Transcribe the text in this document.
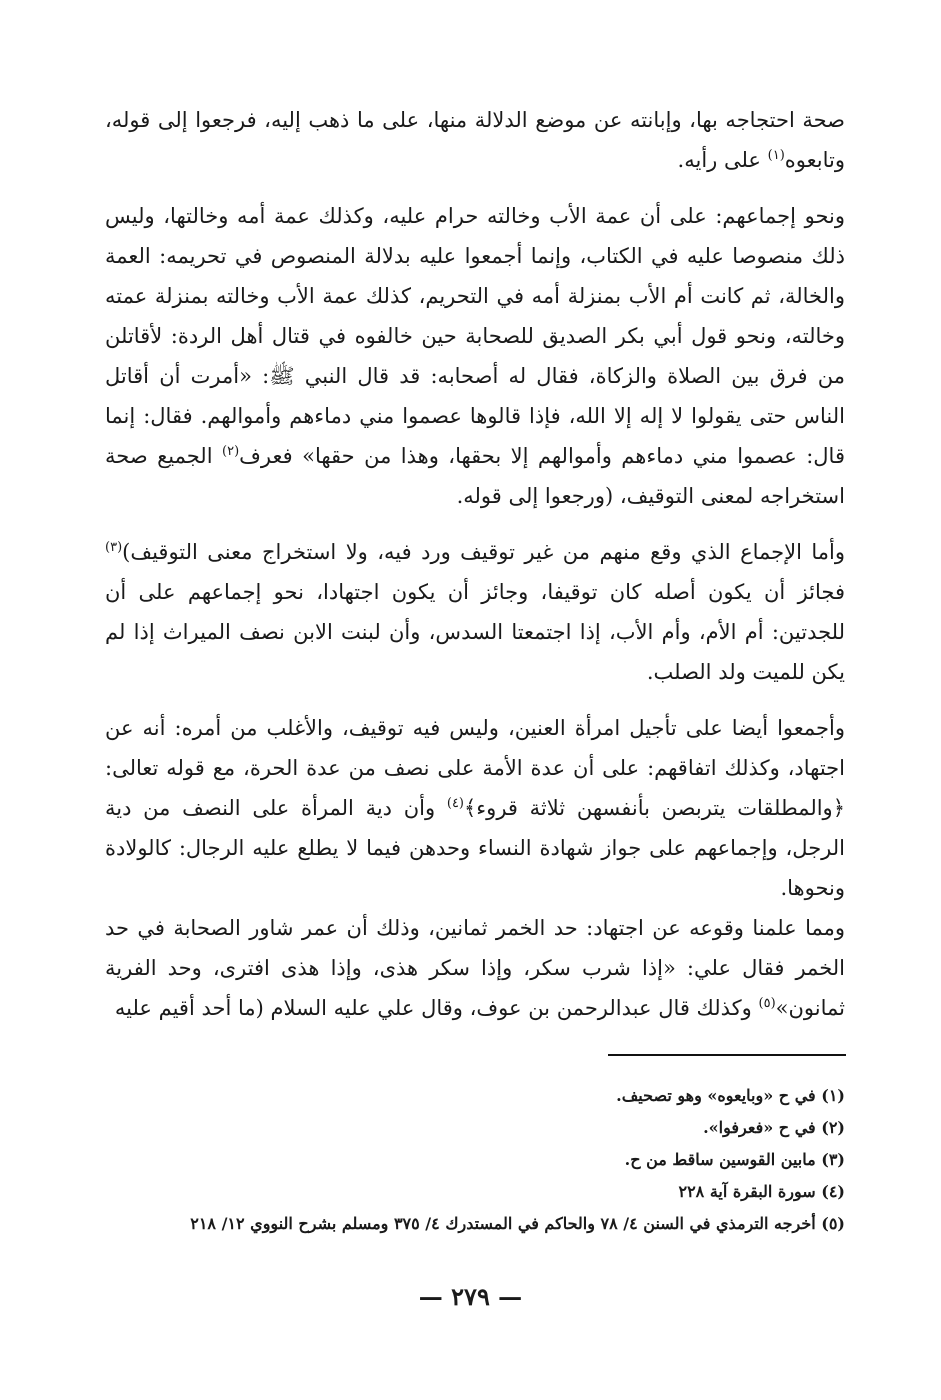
صحة احتجاجه بها، وإبانته عن موضع الدلالة منها، على ما ذهب إليه، فرجعوا إلى قوله، وتابعوه$^{(١)}$ على رأيه.

ونحو إجماعهم: على أن عمة الأب وخالته حرام عليه، وكذلك عمة أمه وخالتها، وليس ذلك منصوصا عليه في الكتاب، وإنما أجمعوا عليه بدلالة المنصوص في تحريمه: العمة والخالة، ثم كانت أم الأب بمنزلة أمه في التحريم، كذلك عمة الأب وخالته بمنزلة عمته وخالته، ونحو قول أبي بكر الصديق للصحابة حين خالفوه في قتال أهل الردة: لأقاتلن من فرق بين الصلاة والزكاة، فقال له أصحابه: قد قال النبي ﷺ: «أمرت أن أقاتل الناس حتى يقولوا لا إله إلا الله، فإذا قالوها عصموا مني دماءهم وأموالهم. فقال: إنما قال: عصموا مني دماءهم وأموالهم إلا بحقها، وهذا من حقها» فعرف$^{(٢)}$ الجميع صحة استخراجه لمعنى التوقيف، (ورجعوا إلى قوله.

وأما الإجماع الذي وقع منهم من غير توقيف ورد فيه، ولا استخراج معنى التوقيف)$^{(٣)}$ فجائز أن يكون أصله كان توقيفا، وجائز أن يكون اجتهادا، نحو إجماعهم على أن للجدتين: أم الأم، وأم الأب، إذا اجتمعتا السدس، وأن لبنت الابن نصف الميراث إذا لم يكن للميت ولد الصلب.

وأجمعوا أيضا على تأجيل امرأة العنين، وليس فيه توقيف، والأغلب من أمره: أنه عن اجتهاد، وكذلك اتفاقهم: على أن عدة الأمة على نصف من عدة الحرة، مع قوله تعالى: ﴿والمطلقات يتربصن بأنفسهن ثلاثة قروء﴾$^{(٤)}$ وأن دية المرأة على النصف من دية الرجل، وإجماعهم على جواز شهادة النساء وحدهن فيما لا يطلع عليه الرجال: كالولادة ونحوها.

ومما علمنا وقوعه عن اجتهاد: حد الخمر ثمانين، وذلك أن عمر شاور الصحابة في حد الخمر فقال علي: «إذا شرب سكر، وإذا سكر هذى، وإذا هذى افترى، وحد الفرية ثمانون»$^{(٥)}$ وكذلك قال عبدالرحمن بن عوف، وقال علي عليه السلام (ما أحد أقيم عليه

(١) في ح «وبايعوه» وهو تصحيف.

(٢) في ح «فعرفوا».

(٣) مابين القوسين ساقط من ح.

(٤) سورة البقرة آية ٢٢٨

(٥) أخرجه الترمذي في السنن ٤/ ٧٨ والحاكم في المستدرك ٤/ ٣٧٥ ومسلم بشرح النووي ١٢/ ٢١٨

— ٢٧٩ —
